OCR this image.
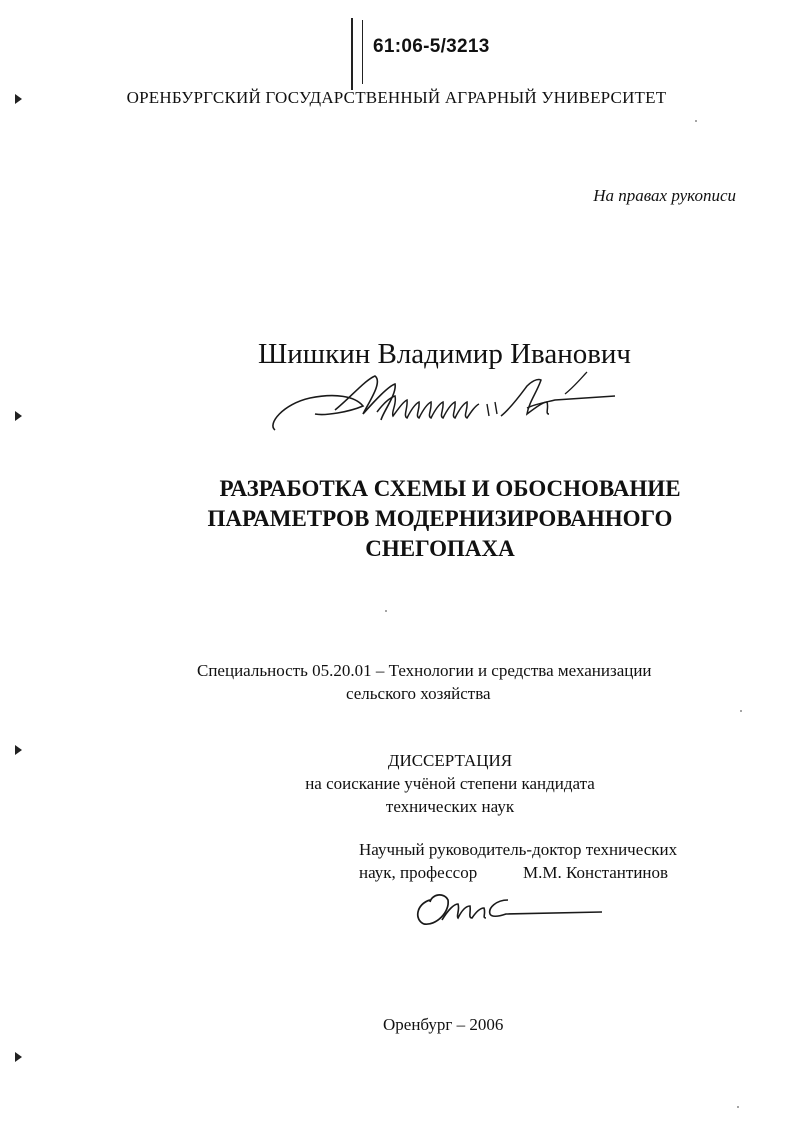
61:06-5/3213
ОРЕНБУРГСКИЙ ГОСУДАРСТВЕННЫЙ АГРАРНЫЙ УНИВЕРСИТЕТ
На правах рукописи
Шишкин Владимир Иванович
РАЗРАБОТКА СХЕМЫ И ОБОСНОВАНИЕ
ПАРАМЕТРОВ МОДЕРНИЗИРОВАННОГО
СНЕГОПАХА
Специальность 05.20.01 – Технологии и средства механизации
сельского хозяйства
ДИССЕРТАЦИЯ
на соискание учёной степени кандидата
технических наук
Научный руководитель-доктор технических
наук, профессор	М.М. Константинов
Оренбург – 2006
